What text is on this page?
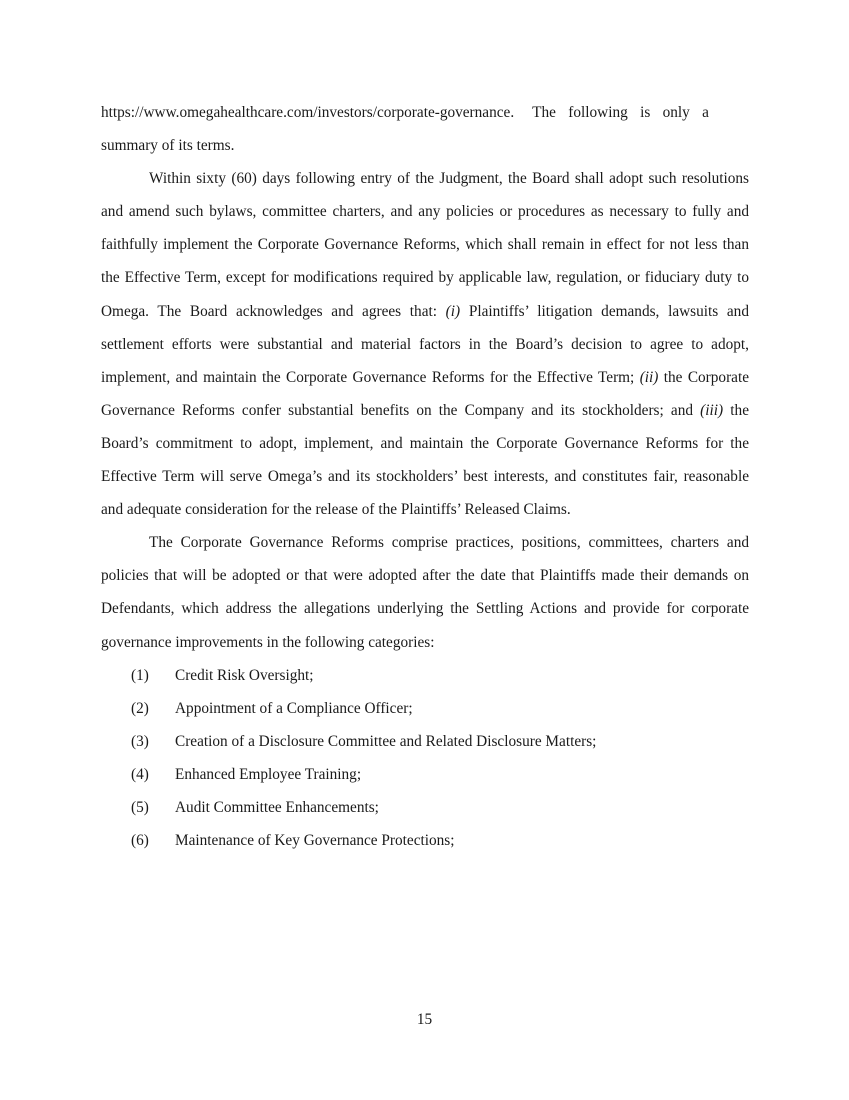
https://www.omegahealthcare.com/investors/corporate-governance. The following is only a
summary of its terms.

Within sixty (60) days following entry of the Judgment, the Board shall adopt such resolutions and amend such bylaws, committee charters, and any policies or procedures as necessary to fully and faithfully implement the Corporate Governance Reforms, which shall remain in effect for not less than the Effective Term, except for modifications required by applicable law, regulation, or fiduciary duty to Omega. The Board acknowledges and agrees that: (i) Plaintiffs’ litigation demands, lawsuits and settlement efforts were substantial and material factors in the Board’s decision to agree to adopt, implement, and maintain the Corporate Governance Reforms for the Effective Term; (ii) the Corporate Governance Reforms confer substantial benefits on the Company and its stockholders; and (iii) the Board’s commitment to adopt, implement, and maintain the Corporate Governance Reforms for the Effective Term will serve Omega’s and its stockholders’ best interests, and constitutes fair, reasonable and adequate consideration for the release of the Plaintiffs’ Released Claims.

The Corporate Governance Reforms comprise practices, positions, committees, charters and policies that will be adopted or that were adopted after the date that Plaintiffs made their demands on Defendants, which address the allegations underlying the Settling Actions and provide for corporate governance improvements in the following categories:

(1)	Credit Risk Oversight;
(2)	Appointment of a Compliance Officer;
(3)	Creation of a Disclosure Committee and Related Disclosure Matters;
(4)	Enhanced Employee Training;
(5)	Audit Committee Enhancements;
(6)	Maintenance of Key Governance Protections;
15
